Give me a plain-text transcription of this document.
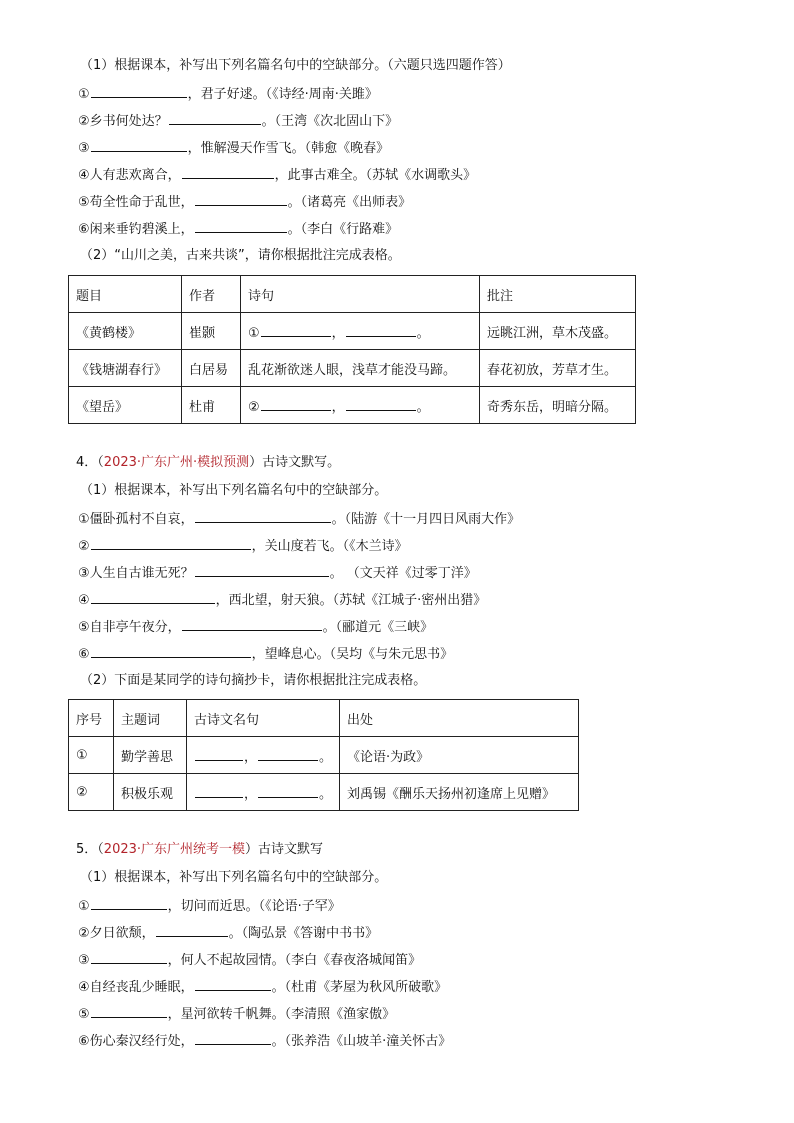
（1）根据课本，补写出下列名篇名句中的空缺部分。（六题只选四题作答）
①	，君子好逑。（《诗经·周南·关雎》
②乡书何处达？	。（王湾《次北固山下》
③	，惟解漫天作雪飞。（韩愈《晚春》
④人有悲欢离合，	，此事古难全。（苏轼《水调歌头》
⑤苟全性命于乱世，	。（诸葛亮《出师表》
⑥闲来垂钓碧溪上，	。（李白《行路难》
（2）“山川之美，古来共谈”，请你根据批注完成表格。
题目	作者	诗句	批注
《黄鹤楼》	崔颢	① ， 。	远眺江洲，草木茂盛。
《钱塘湖春行》	白居易	乱花渐欲迷人眼，浅草才能没马蹄。	春花初放，芳草才生。
《望岳》	杜甫	② ， 。	奇秀东岳，明暗分隔。
4．（2023·广东广州·模拟预测）古诗文默写。
（1）根据课本，补写出下列名篇名句中的空缺部分。
①僵卧孤村不自哀，	。（陆游《十一月四日风雨大作》
②	，关山度若飞。（《木兰诗》
③人生自古谁无死？	。 （文天祥《过零丁洋》
④	，西北望，射天狼。（苏轼《江城子·密州出猎》
⑤自非亭午夜分，	。（郦道元《三峡》
⑥	，望峰息心。（吴均《与朱元思书》
（2）下面是某同学的诗句摘抄卡，请你根据批注完成表格。
序号	主题词	古诗文名句	出处
①	勤学善思	， 。	《论语·为政》
②	积极乐观	， 。	刘禹锡《酬乐天扬州初逢席上见赠》
5．（2023·广东广州统考一模）古诗文默写
（1）根据课本，补写出下列名篇名句中的空缺部分。
①	，切问而近思。（《论语·子罕》
②夕日欲颓，	。（陶弘景《答谢中书书》
③	，何人不起故园情。（李白《春夜洛城闻笛》
④自经丧乱少睡眠，	。（杜甫《茅屋为秋风所破歌》
⑤	，星河欲转千帆舞。（李清照《渔家傲》
⑥伤心秦汉经行处，	。（张养浩《山坡羊·潼关怀古》
